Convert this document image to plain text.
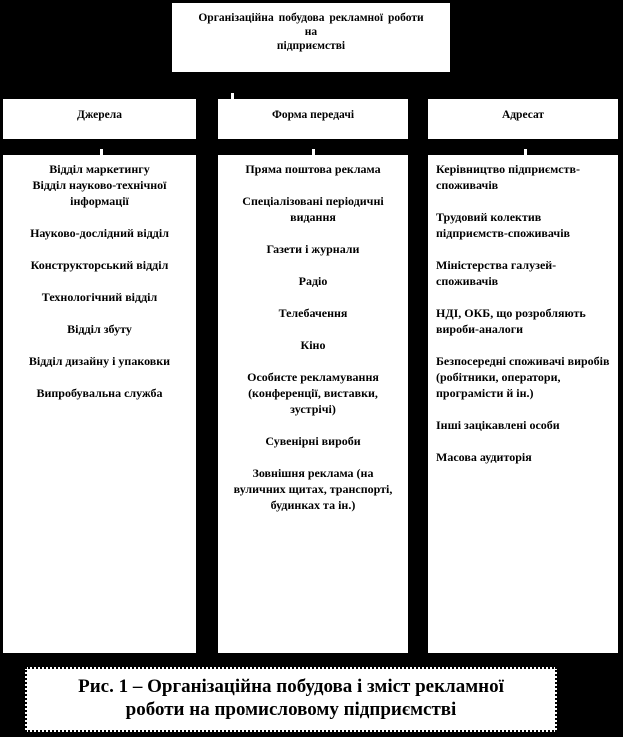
Організаційна побудова рекламної роботи
на
підприємстві
Джерела	Форма передачі	Адресат
Відділ маркетингу
Відділ науково-технічної інформації
Науково-дослідний відділ
Конструкторський відділ
Технологічний відділ
Відділ збуту
Відділ дизайну і упаковки
Випробувальна служба
Пряма поштова реклама
Спеціалізовані періодичні видання
Газети і журнали
Радіо
Телебачення
Кіно
Особисте рекламування (конференції, виставки, зустрічі)
Сувенірні вироби
Зовнішня реклама (на вуличних щитах, транспорті, будинках та ін.)
Керівництво підприємств-споживачів
Трудовий колектив підприємств-споживачів
Міністерства галузей-споживачів
НДІ, ОКБ, що розробляють вироби-аналоги
Безпосередні споживачі виробів (робітники, оператори, програмісти й ін.)
Інші зацікавлені особи
Масова аудиторія
Рис. 1 – Організаційна побудова і зміст рекламної
роботи на промисловому підприємстві
